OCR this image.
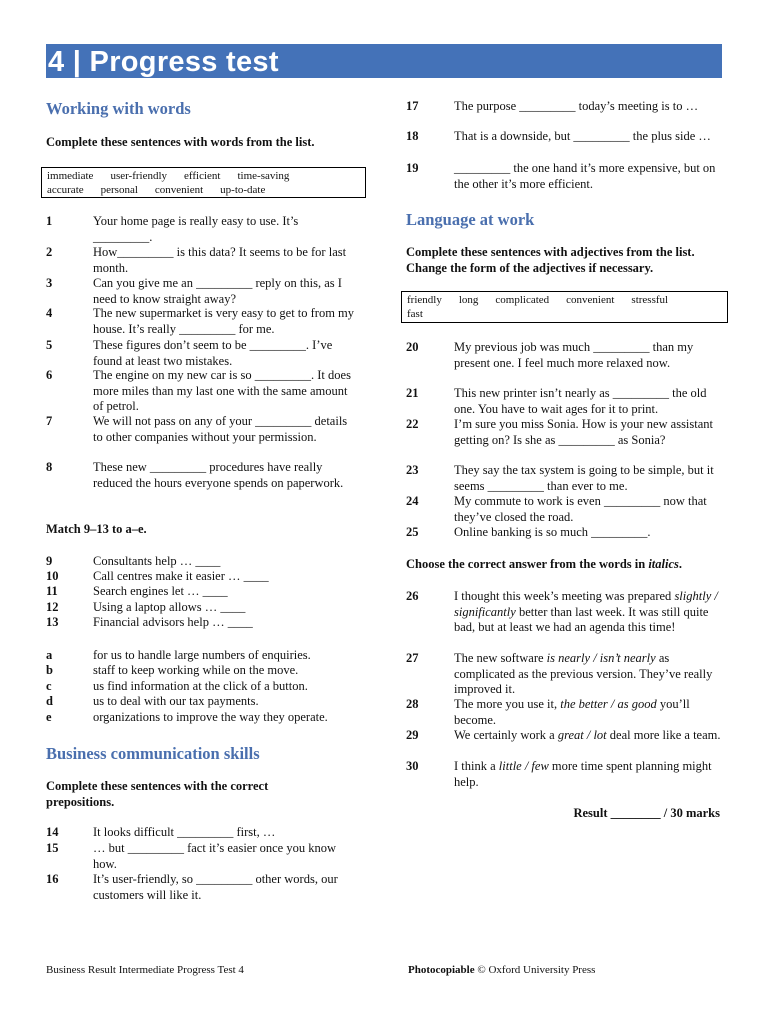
4 | Progress test
Working with words
Complete these sentences with words from the list.
immediate user-friendly efficient time-saving
accurate personal convenient up-to-date
1	Your home page is really easy to use. It’s _________.
2	How_________ is this data? It seems to be for last month.
3	Can you give me an _________ reply on this, as I need to know straight away?
4	The new supermarket is very easy to get to from my house. It’s really _________ for me.
5	These figures don’t seem to be _________. I’ve found at least two mistakes.
6	The engine on my new car is so _________. It does more miles than my last one with the same amount of petrol.
7	We will not pass on any of your _________ details to other companies without your permission.
8	These new _________ procedures have really reduced the hours everyone spends on paperwork.
Match 9–13 to a–e.
9	Consultants help … ____
10	Call centres make it easier … ____
11	Search engines let … ____
12	Using a laptop allows … ____
13	Financial advisors help … ____
a	for us to handle large numbers of enquiries.
b	staff to keep working while on the move.
c	us find information at the click of a button.
d	us to deal with our tax payments.
e	organizations to improve the way they operate.
Business communication skills
Complete these sentences with the correct prepositions.
14	It looks difficult _________ first, …
15	… but _________ fact it’s easier once you know how.
16	It’s user-friendly, so _________ other words, our customers will like it.
17	The purpose _________ today’s meeting is to …
18	That is a downside, but _________ the plus side …
19	_________ the one hand it’s more expensive, but on the other it’s more efficient.
Language at work
Complete these sentences with adjectives from the list. Change the form of the adjectives if necessary.
friendly long complicated convenient stressful
fast
20	My previous job was much _________ than my present one. I feel much more relaxed now.
21	This new printer isn’t nearly as _________ the old one. You have to wait ages for it to print.
22	I’m sure you miss Sonia. How is your new assistant getting on? Is she as _________ as Sonia?
23	They say the tax system is going to be simple, but it seems _________ than ever to me.
24	My commute to work is even _________ now that they’ve closed the road.
25	Online banking is so much _________.
Choose the correct answer from the words in italics.
26	I thought this week’s meeting was prepared slightly / significantly better than last week. It was still quite bad, but at least we had an agenda this time!
27	The new software is nearly / isn’t nearly as complicated as the previous version. They’ve really improved it.
28	The more you use it, the better / as good you’ll become.
29	We certainly work a great / lot deal more like a team.
30	I think a little / few more time spent planning might help.
Result ________ / 30 marks
Business Result Intermediate Progress Test 4	Photocopiable © Oxford University Press
